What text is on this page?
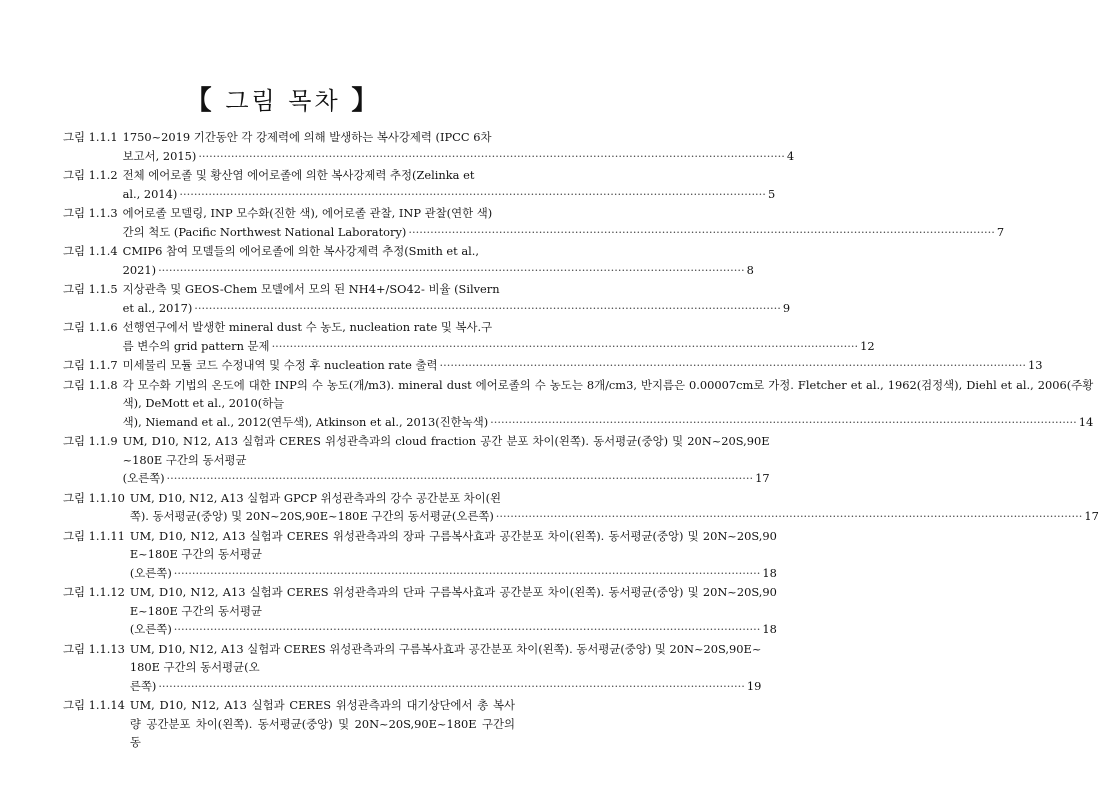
【 그림 목차 】
그림 1.1.1 1750~2019 기간동안 각 강제력에 의해 발생하는 복사강제력 (IPCC 6차
보고서, 2015) ·····	4
그림 1.1.2 전체 에어로졸 및 황산염 에어로졸에 의한 복사강제력 추정(Zelinka et
al., 2014) ·····	5
그림 1.1.3 에어로졸 모델링, INP 모수화(진한 색), 에어로졸 관찰, INP 관찰(연한 색)
간의 척도 (Pacific Northwest National Laboratory) ·····	7
그림 1.1.4 CMIP6 참여 모델들의 에어로졸에 의한 복사강제력 추정(Smith et al.,
2021) ·····	8
그림 1.1.5 지상관측 및 GEOS-Chem 모델에서 모의 된 NH4+/SO42- 비율 (Silvern
et al., 2017) ·····	9
그림 1.1.6 선행연구에서 발생한 mineral dust 수 농도, nucleation rate 및 복사.구
름 변수의 grid pattern 문제 ·····	12
그림 1.1.7 미세물리 모듈 코드 수정내역 및 수정 후 nucleation rate 출력 ·····	13
그림 1.1.8 각 모수화 기법의 온도에 대한 INP의 수 농도(개/m3). mineral dust 에어로졸의 수 농도는 8개/cm3, 반지름은 0.00007cm로 가정. Fletcher et al., 1962(검정색), Diehl et al., 2006(주황색), DeMott et al., 2010(하늘
색), Niemand et al., 2012(연두색), Atkinson et al., 2013(진한녹색) ·····	14
그림 1.1.9 UM, D10, N12, A13 실험과 CERES 위성관측과의 cloud fraction 공간 분포 차이(왼쪽). 동서평균(중앙) 및 20N~20S,90E~180E 구간의 동서평균
(오른쪽) ·····	17
그림 1.1.10 UM, D10, N12, A13 실험과 GPCP 위성관측과의 강수 공간분포 차이(왼
쪽). 동서평균(중앙) 및 20N~20S,90E~180E 구간의 동서평균(오른쪽) ·····	17
그림 1.1.11 UM, D10, N12, A13 실험과 CERES 위성관측과의 장파 구름복사효과 공간분포 차이(왼쪽). 동서평균(중앙) 및 20N~20S,90E~180E 구간의 동서평균
(오른쪽) ·····	18
그림 1.1.12 UM, D10, N12, A13 실험과 CERES 위성관측과의 단파 구름복사효과 공간분포 차이(왼쪽). 동서평균(중앙) 및 20N~20S,90E~180E 구간의 동서평균
(오른쪽) ·····	18
그림 1.1.13 UM, D10, N12, A13 실험과 CERES 위성관측과의 구름복사효과 공간분포 차이(왼쪽). 동서평균(중앙) 및 20N~20S,90E~180E 구간의 동서평균(오
른쪽) ·····	19
그림 1.1.14 UM, D10, N12, A13 실험과 CERES 위성관측과의 대기상단에서 총 복사량 공간분포 차이(왼쪽). 동서평균(중앙) 및 20N~20S,90E~180E 구간의 동
